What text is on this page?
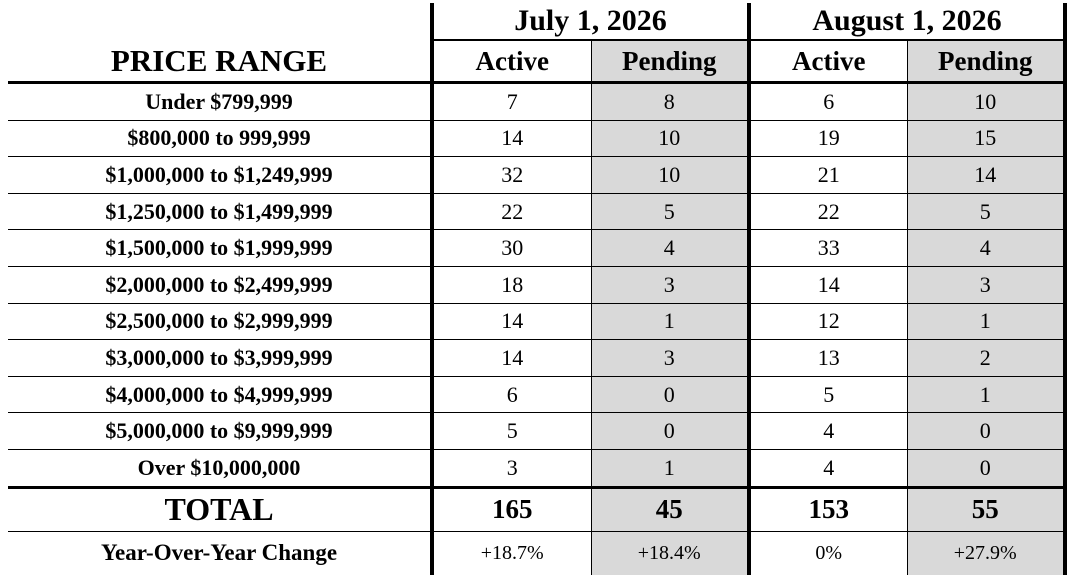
	July 1, 2026		August 1, 2026	
PRICE RANGE	Active	Pending	Active	Pending
Under $799,999	7	8	6	10
$800,000 to 999,999	14	10	19	15
$1,000,000 to $1,249,999	32	10	21	14
$1,250,000 to $1,499,999	22	5	22	5
$1,500,000 to $1,999,999	30	4	33	4
$2,000,000 to $2,499,999	18	3	14	3
$2,500,000 to $2,999,999	14	1	12	1
$3,000,000 to $3,999,999	14	3	13	2
$4,000,000 to $4,999,999	6	0	5	1
$5,000,000 to $9,999,999	5	0	4	0
Over $10,000,000	3	1	4	0
TOTAL	165	45	153	55
Year-Over-Year Change	+18.7%	+18.4%	0%	+27.9%
